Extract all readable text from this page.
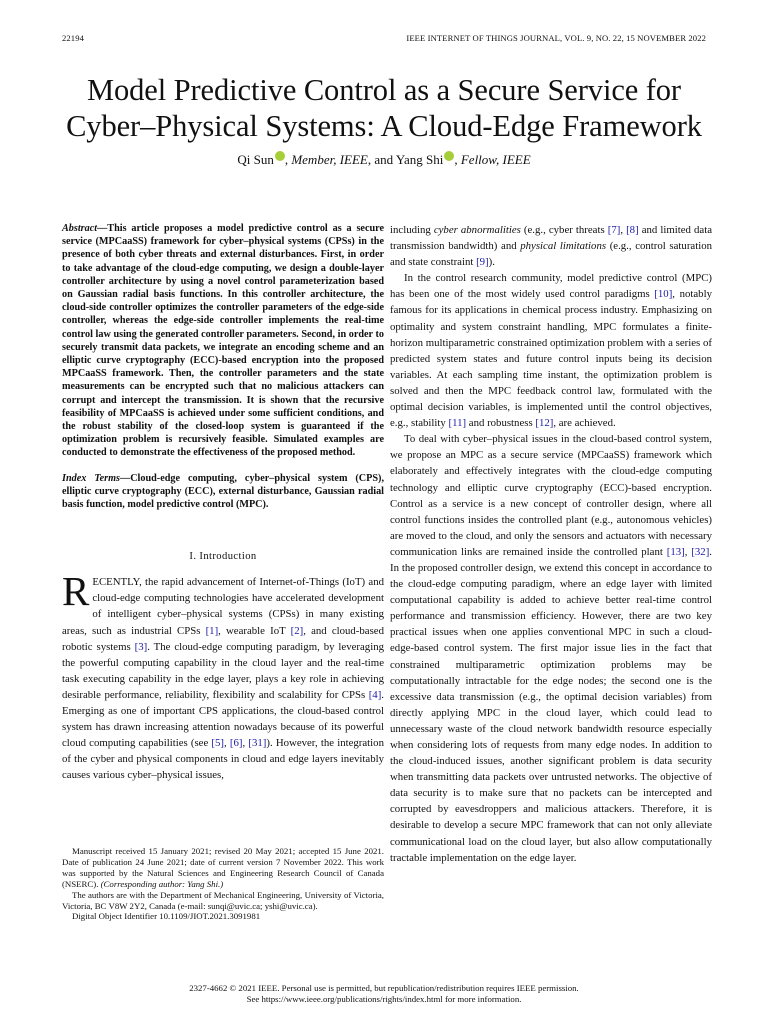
22194	IEEE INTERNET OF THINGS JOURNAL, VOL. 9, NO. 22, 15 NOVEMBER 2022
Model Predictive Control as a Secure Service for Cyber–Physical Systems: A Cloud-Edge Framework
Qi Sun , Member, IEEE, and Yang Shi , Fellow, IEEE

Abstract—This article proposes a model predictive control as a secure service (MPCaaSS) framework for cyber–physical systems (CPSs) in the presence of both cyber threats and external disturbances. First, in order to take advantage of the cloud-edge computing, we design a double-layer controller architecture by using a novel control parameterization based on Gaussian radial basis functions. In this controller architecture, the cloud-side controller optimizes the controller parameters of the edge-side controller, whereas the edge-side controller implements the real-time control law using the generated controller parameters. Second, in order to securely transmit data packets, we integrate an encoding scheme and an elliptic curve cryptography (ECC)-based encryption into the proposed MPCaaSS framework. Then, the controller parameters and the state measurements can be encrypted such that no malicious attackers can corrupt and intercept the transmission. It is shown that the recursive feasibility of MPCaaSS is achieved under some sufficient conditions, and the robust stability of the closed-loop system is guaranteed if the optimization problem is recursively feasible. Simulated examples are conducted to demonstrate the effectiveness of the proposed method.

Index Terms—Cloud-edge computing, cyber–physical system (CPS), elliptic curve cryptography (ECC), external disturbance, Gaussian radial basis function, model predictive control (MPC).

I. Introduction

RECENTLY, the rapid advancement of Internet-of-Things (IoT) and cloud-edge computing technologies have accelerated development of intelligent cyber–physical systems (CPSs) in many existing areas, such as industrial CPSs [1], wearable IoT [2], and cloud-based robotic systems [3]. The cloud-edge computing paradigm, by leveraging the powerful computing capability in the cloud layer and the real-time task executing capability in the edge layer, plays a key role in achieving desirable performance, reliability, flexibility and scalability for CPSs [4]. Emerging as one of important CPS applications, the cloud-based control system has drawn increasing attention nowadays because of its powerful cloud computing capabilities (see [5], [6], [31]). However, the integration of the cyber and physical components in cloud and edge layers inevitably causes various cyber–physical issues,

Manuscript received 15 January 2021; revised 20 May 2021; accepted 15 June 2021. Date of publication 24 June 2021; date of current version 7 November 2022. This work was supported by the Natural Sciences and Engineering Research Council of Canada (NSERC). (Corresponding author: Yang Shi.)

The authors are with the Department of Mechanical Engineering, University of Victoria, Victoria, BC V8W 2Y2, Canada (e-mail: sunqi@uvic.ca; yshi@uvic.ca).

Digital Object Identifier 10.1109/JIOT.2021.3091981

including cyber abnormalities (e.g., cyber threats [7], [8] and limited data transmission bandwidth) and physical limitations (e.g., control saturation and state constraint [9]).

In the control research community, model predictive control (MPC) has been one of the most widely used control paradigms [10], notably famous for its applications in chemical process industry. Emphasizing on optimality and system constraint handling, MPC formulates a finite-horizon multiparametric constrained optimization problem with a series of predicted system states and future control inputs being its decision variables. At each sampling time instant, the optimization problem is solved and then the MPC feedback control law, formulated with the optimal decision variables, is implemented until the control objectives, e.g., stability [11] and robustness [12], are achieved.

To deal with cyber–physical issues in the cloud-based control system, we propose an MPC as a secure service (MPCaaSS) framework which elaborately and effectively integrates with the cloud-edge computing technology and elliptic curve cryptography (ECC)-based encryption. Control as a service is a new concept of controller design, where all control functions insides the controlled plant (e.g., autonomous vehicles) are moved to the cloud, and only the sensors and actuators with necessary communication links are remained inside the controlled plant [13], [32]. In the proposed controller design, we extend this concept in accordance to the cloud-edge computing paradigm, where an edge layer with limited computational capability is added to achieve better real-time control performance and transmission efficiency. However, there are two key practical issues when one applies conventional MPC in such a cloud-edge-based control system. The first major issue lies in the fact that constrained multiparametric optimization problems may be computationally intractable for the edge nodes; the second one is the excessive data transmission (e.g., the optimal decision variables) from directly applying MPC in the cloud layer, which could lead to unnecessary waste of the cloud network bandwidth resource especially when considering lots of requests from many edge nodes. In addition to the cloud-induced issues, another significant problem is data security when transmitting data packets over untrusted networks. The objective of data security is to make sure that no packets can be intercepted and corrupted by eavesdroppers and malicious attackers. Therefore, it is desirable to develop a secure MPC framework that can not only alleviate communicational load on the cloud layer, but also allow computationally tractable implementation on the edge layer.

2327-4662 © 2021 IEEE. Personal use is permitted, but republication/redistribution requires IEEE permission.
See https://www.ieee.org/publications/rights/index.html for more information.
